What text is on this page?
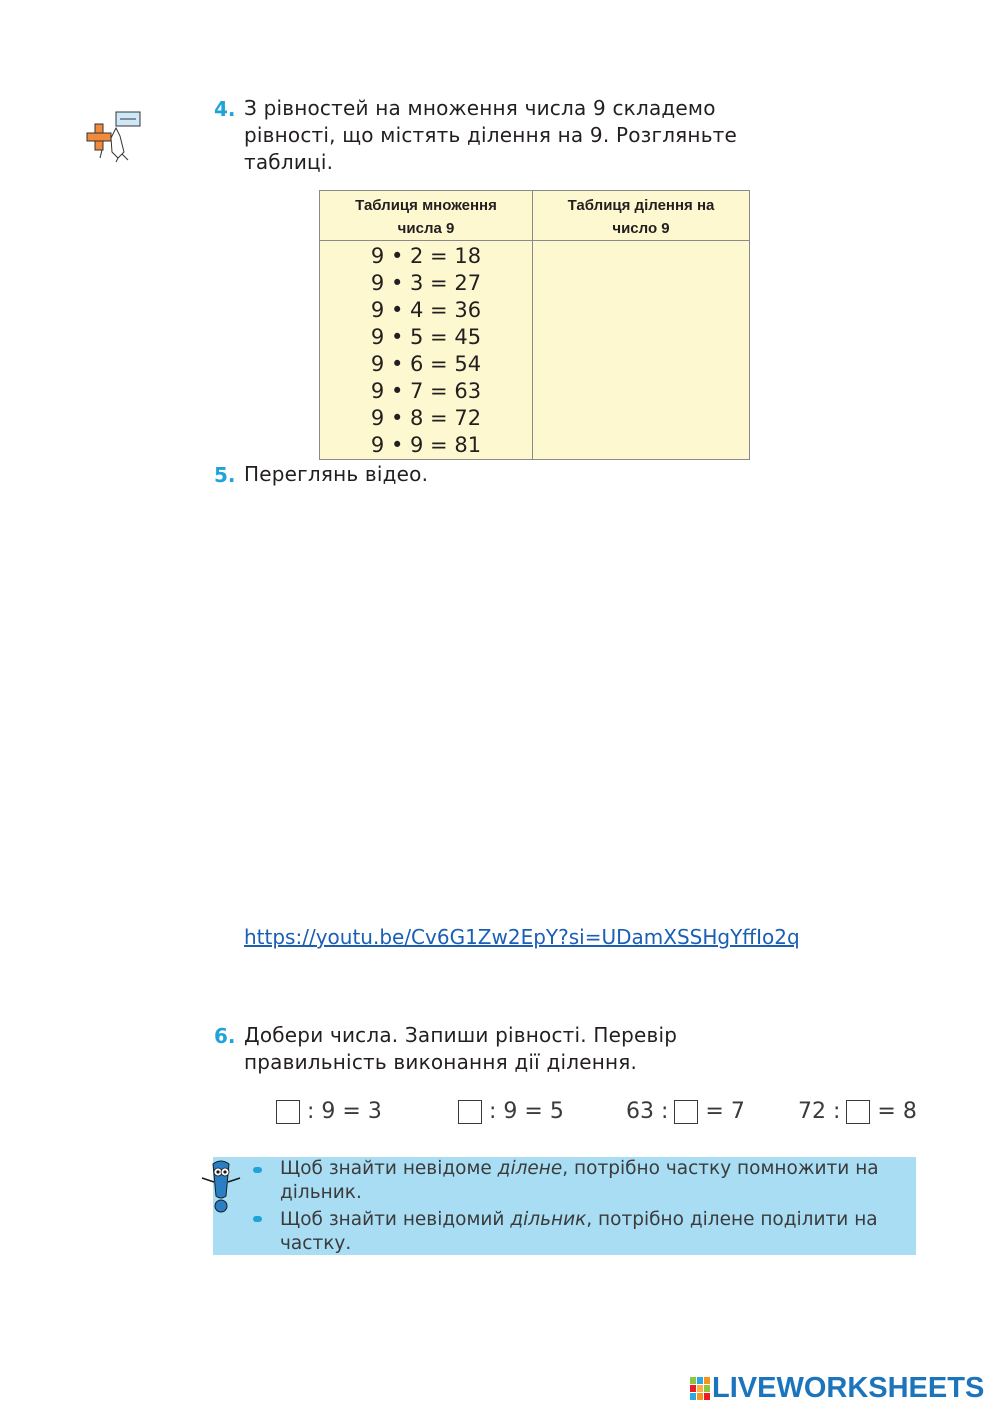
4. З рівностей на множення числа 9 складемо
рівності, що містять ділення на 9. Розгляньте
таблиці.
Таблиця множення
числа 9
Таблиця ділення на
число 9
9 • 2 = 18
9 • 3 = 27
9 • 4 = 36
9 • 5 = 45
9 • 6 = 54
9 • 7 = 63
9 • 8 = 72
9 • 9 = 81
5. Переглянь відео.
https://youtu.be/Cv6G1Zw2EpY?si=UDamXSSHgYffIo2q
6. Добери числа. Запиши рівності. Перевір
правильність виконання дії ділення.
: 9 = 3	: 9 = 5	63 : = 7 72 : = 8
Щоб знайти невідоме ділене, потрібно частку помножити на
дільник.
Щоб знайти невідомий дільник, потрібно ділене поділити на
частку.
LIVEWORKSHEETS
